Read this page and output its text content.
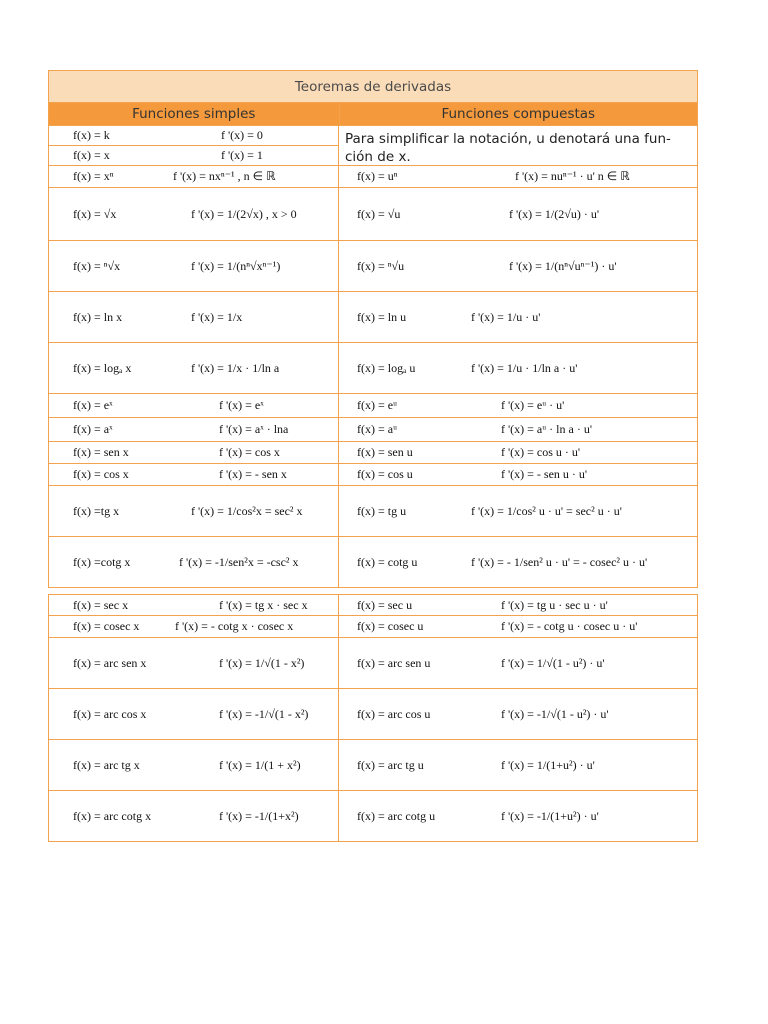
Teoremas de derivadas
Funciones simples	Funciones compuestas
f(x) = k	f '(x) = 0	Para simplificar la notación, u denotará una fun- ción de x.
f(x) = x	f '(x) = 1
f(x) = xⁿ	f '(x) = nxⁿ⁻¹ , n ∈ ℝ	f(x) = uⁿ	f '(x) = nuⁿ⁻¹ · u' n ∈ ℝ
f(x) = √x	f '(x) = 1/(2√x) , x > 0	f(x) = √u	f '(x) = 1/(2√u) · u'
f(x) = ⁿ√x	f '(x) = 1/(nⁿ√xⁿ⁻¹)	f(x) = ⁿ√u	f '(x) = 1/(nⁿ√uⁿ⁻¹) · u'
f(x) = ln x	f '(x) = 1/x	f(x) = ln u	f '(x) = 1/u · u'
f(x) = logₐ x	f '(x) = 1/x · 1/ln a	f(x) = logₐ u	f '(x) = 1/u · 1/ln a · u'
f(x) = eˣ	f '(x) = eˣ	f(x) = eᵘ	f '(x) = eᵘ · u'
f(x) = aˣ	f '(x) = aˣ · lna	f(x) = aᵘ	f '(x) = aᵘ · ln a · u'
f(x) = sen x	f '(x) = cos x	f(x) = sen u	f '(x) = cos u · u'
f(x) = cos x	f '(x) = - sen x	f(x) = cos u	f '(x) = - sen u · u'
f(x) =tg x	f '(x) = 1/cos²x = sec² x	f(x) = tg u	f '(x) = 1/cos² u · u' = sec² u · u'
f(x) =cotg x	f '(x) = -1/sen²x = -csc² x	f(x) = cotg u	f '(x) = - 1/sen² u · u' = - cosec² u · u'
f(x) = sec x	f '(x) = tg x · sec x	f(x) = sec u	f '(x) = tg u · sec u · u'
f(x) = cosec x	f '(x) = - cotg x · cosec x	f(x) = cosec u	f '(x) = - cotg u · cosec u · u'
f(x) = arc sen x	f '(x) = 1/√(1 - x²)	f(x) = arc sen u	f '(x) = 1/√(1 - u²) · u'
f(x) = arc cos x	f '(x) = -1/√(1 - x²)	f(x) = arc cos u	f '(x) = -1/√(1 - u²) · u'
f(x) = arc tg x	f '(x) = 1/(1 + x²)	f(x) = arc tg u	f '(x) = 1/(1+u²) · u'
f(x) = arc cotg x	f '(x) = -1/(1+x²)	f(x) = arc cotg u	f '(x) = -1/(1+u²) · u'
